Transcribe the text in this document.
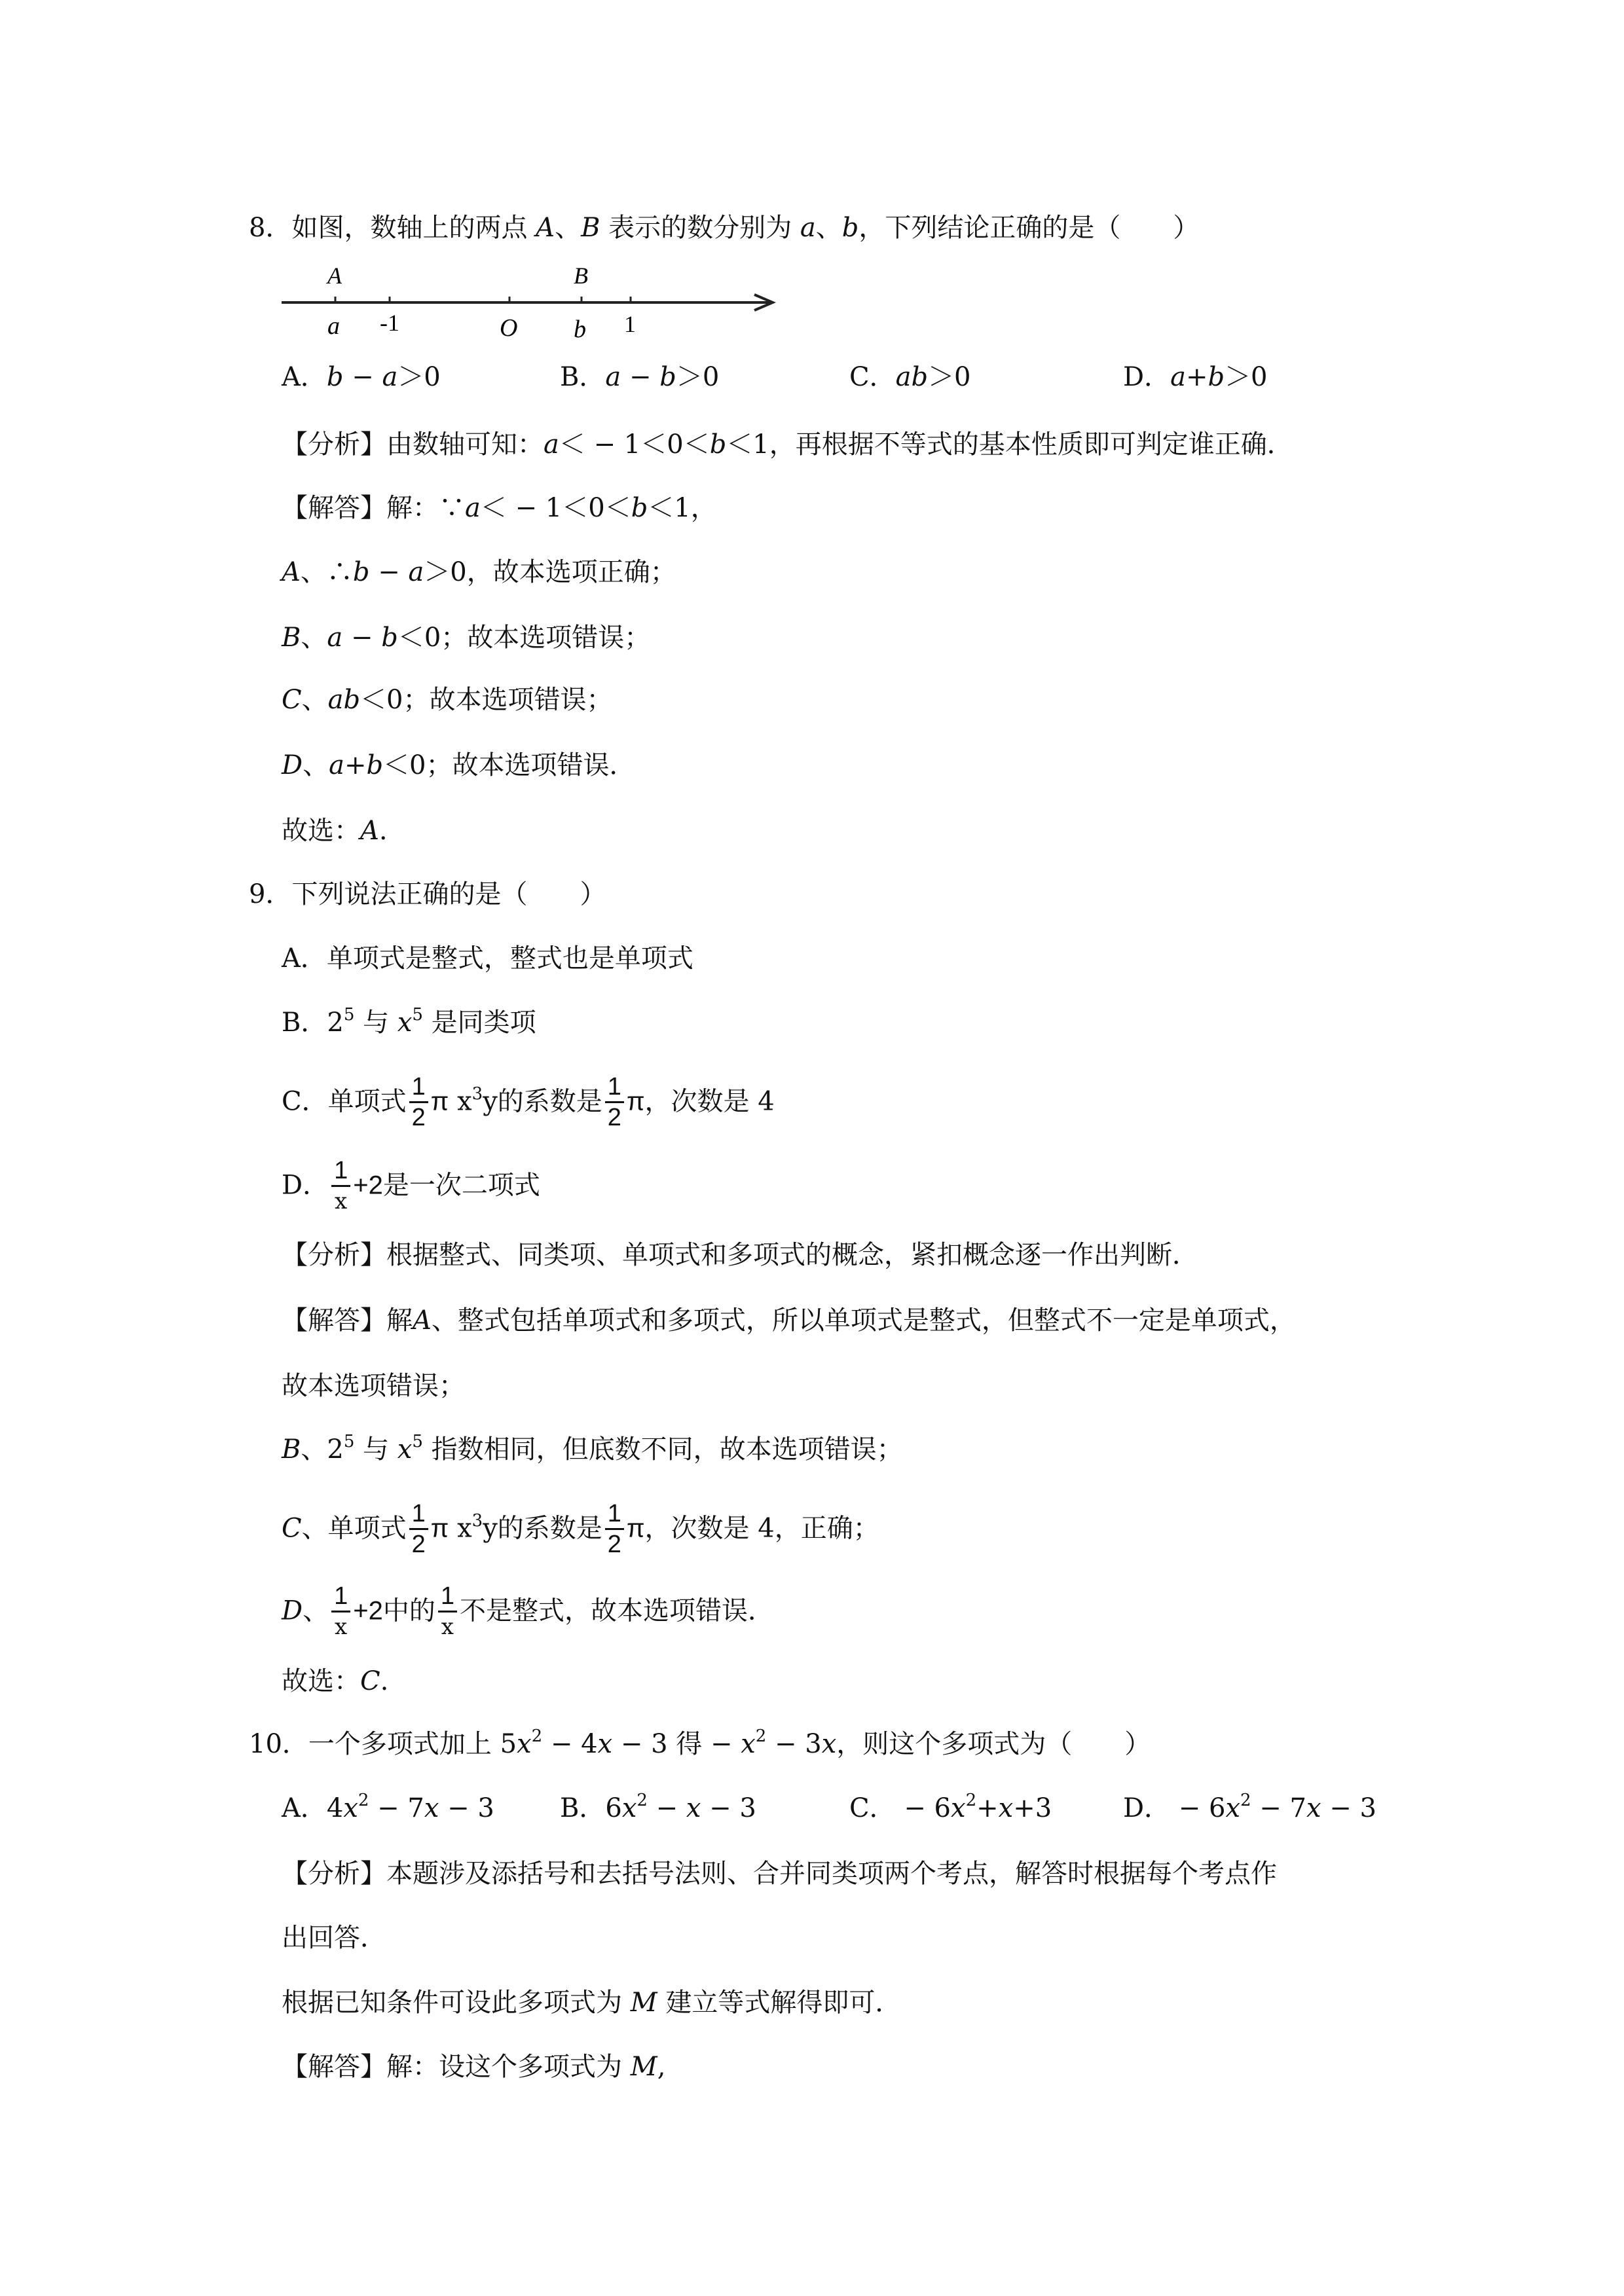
8．如图，数轴上的两点 A、B 表示的数分别为 a、b，下列结论正确的是（　　）
A	B
a -1	O b 1
A．b − a＞0	B．a − b＞0	C．ab＞0	D．a+b＞0
【分析】由数轴可知：a＜ − 1＜0＜b＜1，再根据不等式的基本性质即可判定谁正确．
【解答】解：∵a＜ − 1＜0＜b＜1，
A、∴b − a＞0，故本选项正确；
B、a − b＜0；故本选项错误；
C、ab＜0；故本选项错误；
D、a+b＜0；故本选项错误．
故选：A.
9．下列说法正确的是（　　）
A．单项式是整式，整式也是单项式
B．$2^5$ 与 $x^5$ 是同类项
C．单项式 $\frac{1}{2}$ π $x^3y$的系数是 $\frac{1}{2}$ π，次数是 4
D． $\frac{1}{x} +2$是一次二项式
【分析】根据整式、同类项、单项式和多项式的概念，紧扣概念逐一作出判断．
【解答】解A、整式包括单项式和多项式，所以单项式是整式，但整式不一定是单项式，
故本选项错误；
B、$2^5$ 与 $x^5$ 指数相同，但底数不同，故本选项错误；
C、单项式 $\frac{1}{2}$ π $x^3y$的系数是 $\frac{1}{2}$ π，次数是 4，正确；
D、 $\frac{1}{x} +2$中的 $\frac{1}{x}$ 不是整式，故本选项错误．
故选：C.
10．一个多项式加上 $5x^2 - 4x - 3$ 得 − $x^2 - 3x$，则这个多项式为（　　）
A．$4x^2 - 7x - 3$	B．$6x^2 - x - 3$	C． − $6x^2+x+3$	D． − $6x^2 - 7x - 3$
【分析】本题涉及添括号和去括号法则、合并同类项两个考点，解答时根据每个考点作
出回答．
根据已知条件可设此多项式为 M 建立等式解得即可．
【解答】解：设这个多项式为 M,
